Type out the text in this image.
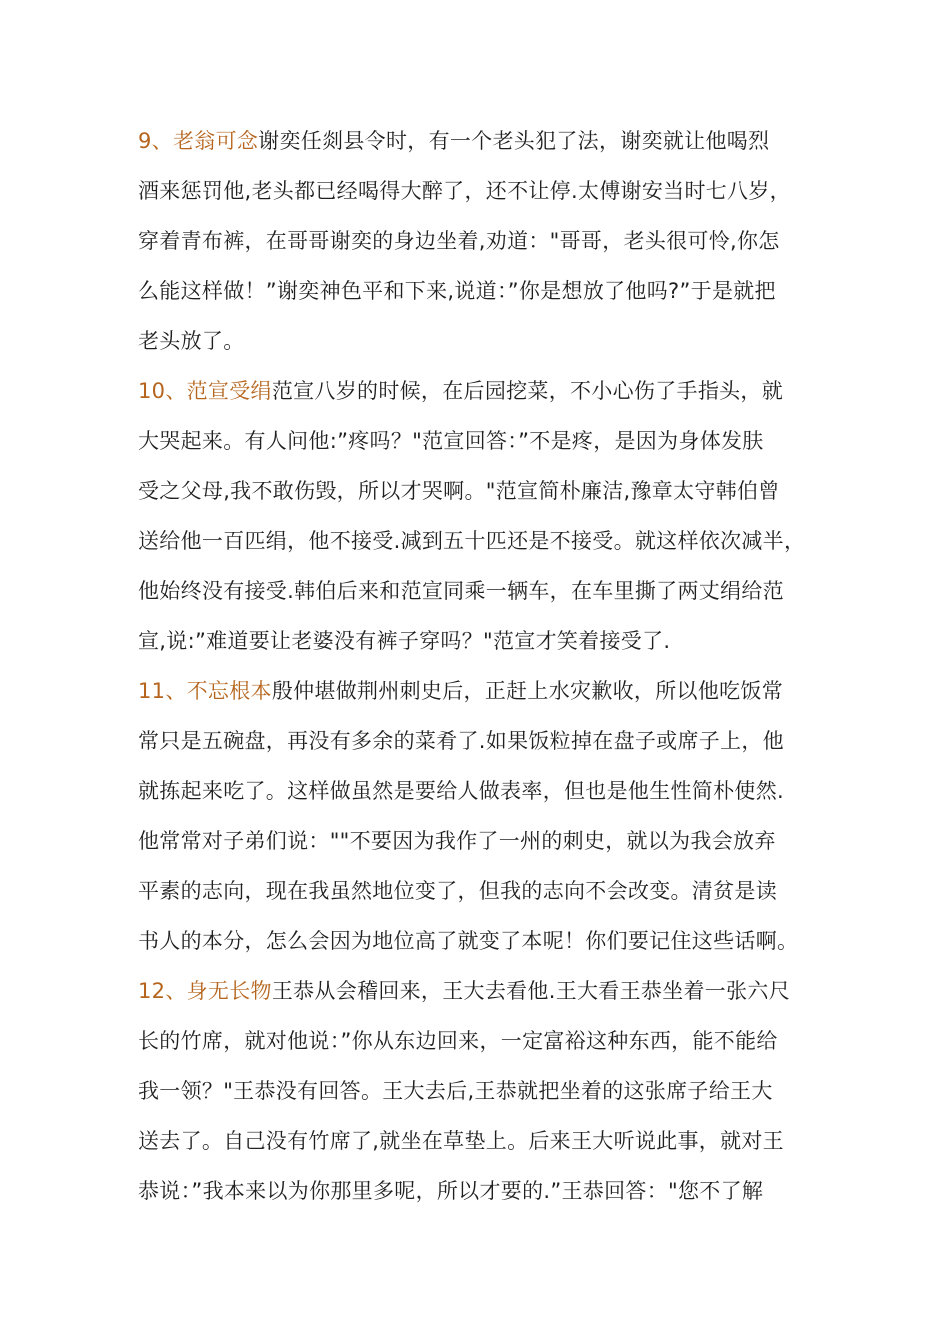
9、老翁可念谢奕任剡县令时，有一个老头犯了法，谢奕就让他喝烈
酒来惩罚他,老头都已经喝得大醉了，还不让停.太傅谢安当时七八岁，
穿着青布裤，在哥哥谢奕的身边坐着,劝道："哥哥，老头很可怜,你怎
么能这样做！”谢奕神色平和下来,说道：”你是想放了他吗?”于是就把
老头放了。
10、范宣受绢范宣八岁的时候，在后园挖菜，不小心伤了手指头，就
大哭起来。有人问他:”疼吗？"范宣回答：”不是疼，是因为身体发肤
受之父母,我不敢伤毁，所以才哭啊。"范宣简朴廉洁,豫章太守韩伯曾
送给他一百匹绢，他不接受.减到五十匹还是不接受。就这样依次减半，
他始终没有接受.韩伯后来和范宣同乘一辆车，在车里撕了两丈绢给范
宣,说:”难道要让老婆没有裤子穿吗？"范宣才笑着接受了.
11、不忘根本殷仲堪做荆州刺史后，正赶上水灾歉收，所以他吃饭常
常只是五碗盘，再没有多余的菜肴了.如果饭粒掉在盘子或席子上，他
就拣起来吃了。这样做虽然是要给人做表率，但也是他生性简朴使然.
他常常对子弟们说：""不要因为我作了一州的刺史，就以为我会放弃
平素的志向，现在我虽然地位变了，但我的志向不会改变。清贫是读
书人的本分，怎么会因为地位高了就变了本呢！你们要记住这些话啊。
12、身无长物王恭从会稽回来，王大去看他.王大看王恭坐着一张六尺
长的竹席，就对他说：”你从东边回来，一定富裕这种东西，能不能给
我一领？"王恭没有回答。王大去后,王恭就把坐着的这张席子给王大
送去了。自己没有竹席了,就坐在草垫上。后来王大听说此事，就对王
恭说：”我本来以为你那里多呢，所以才要的.”王恭回答："您不了解
